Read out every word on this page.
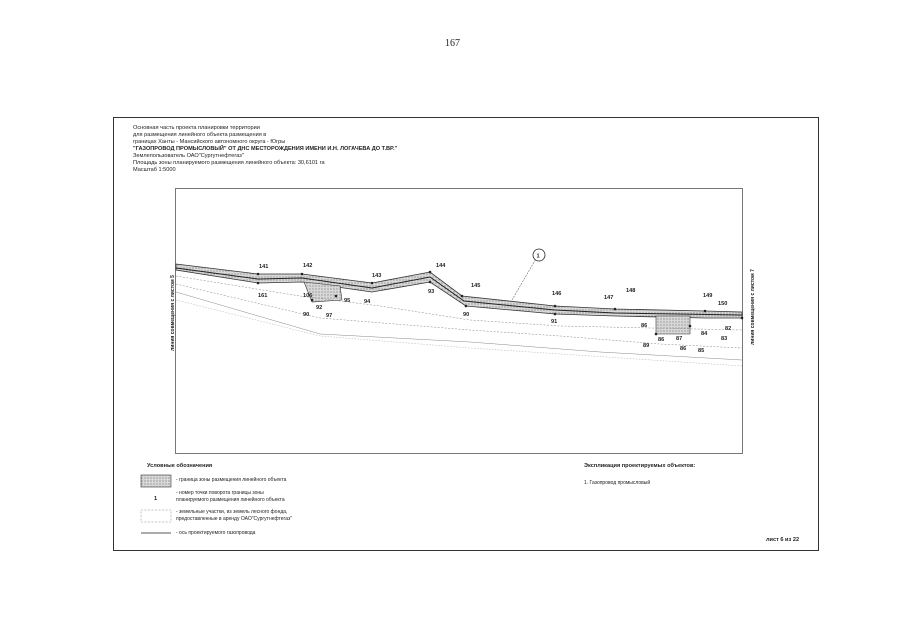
167
Основная часть проекта планировки территории
для размещения линейного объекта размещения в
границах Ханты - Мансийского автономного округа - Югры
"ГАЗОПРОВОД ПРОМЫСЛОВЫЙ" ОТ ДНС МЕСТОРОЖДЕНИЯ ИМЕНИ И.Н. ЛОГАЧЕВА ДО Т.ВР."
Землепользователь ОАО"Сургутнефтегаз"
Площадь зоны планируемого размещения линейного объекта: 30,6101 га
Масштаб 1:5000
линия совмещения с листом 5	линия совмещения с листом 7
1
141	142
143
144
145
146
147
148
149
150
161	106
92
97
95 94
90
93
91
90
86
86 87
84
83
89	86 85
82
1
Условные обозначения
- граница зоны размещения линейного объекта
- номер точки поворота границы зоны
планируемого размещения линейного объекта
- земельные участки, из земель лесного фонда,
предоставленные в аренду ОАО"Сургутнефтегаз"
- ось проектируемого газопровода
Экспликация проектируемых объектов:
1. Газопровод промысловый
лист 6 из 22
